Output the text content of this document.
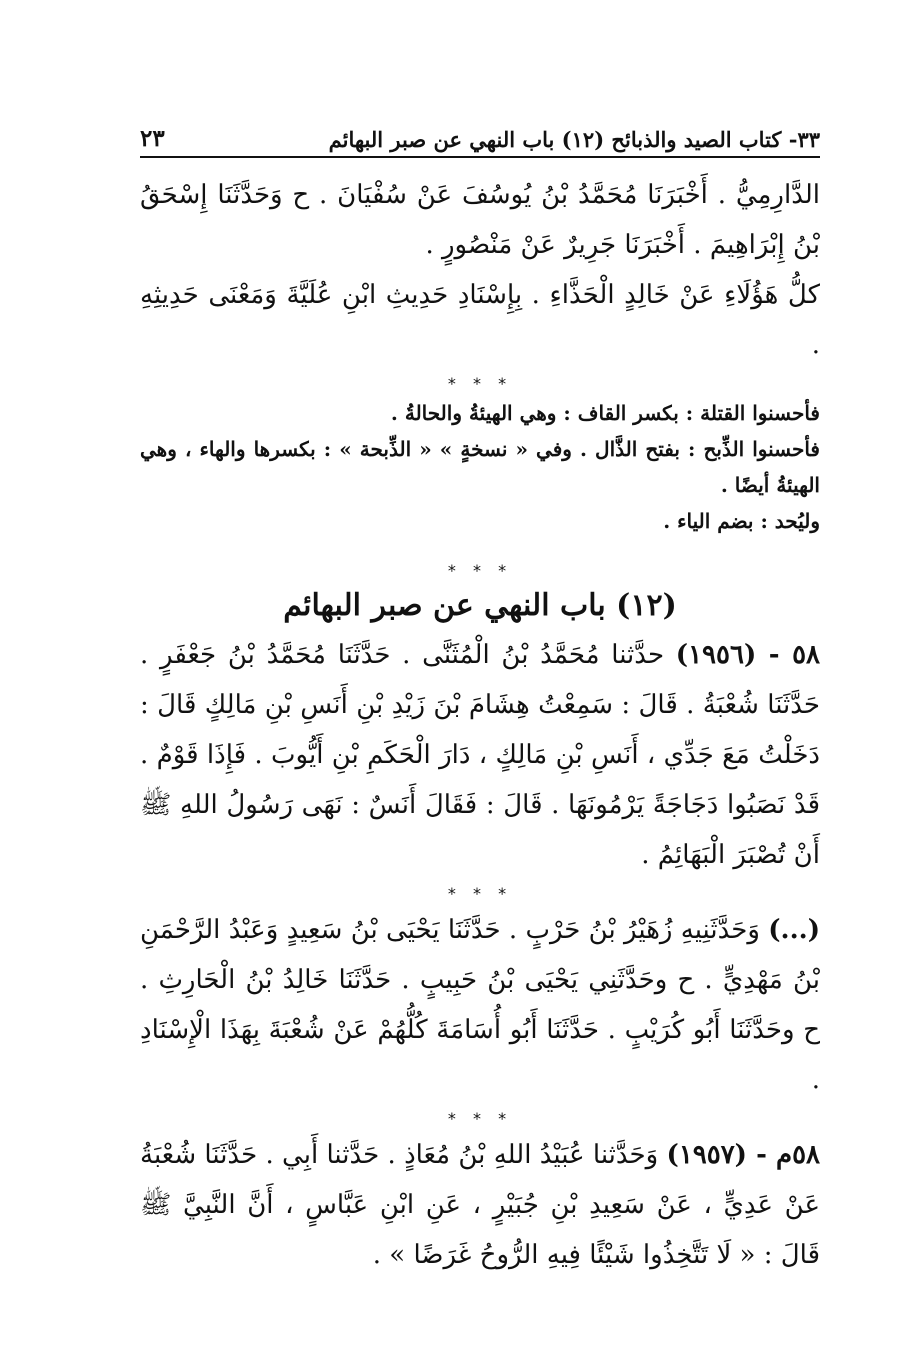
٣٣- كتاب الصيد والذبائح (١٢) باب النهي عن صبر البهائم
٢٣

الدَّارِمِيُّ . أَخْبَرَنَا مُحَمَّدُ بْنُ يُوسُفَ عَنْ سُفْيَانَ . ح وَحَدَّثَنَا إِسْحَقُ بْنُ إِبْرَاهِيمَ . أَخْبَرَنَا جَرِيرٌ عَنْ مَنْصُورٍ .

كلُّ هَؤُلَاءِ عَنْ خَالِدٍ الْحَذَّاءِ . بِإِسْنَادِ حَدِيثِ ابْنِ عُلَيَّةَ وَمَعْنَى حَدِيثِهِ .

* * *

فأحسنوا القتلة : بكسر القاف : وهي الهيئةُ والحالةُ .

فأحسنوا الذِّبح : بفتح الذَّال . وفي « نسخةٍ » « الذِّبحة » : بكسرها والهاء ، وهي الهيئةُ أيضًا .

وليُحد : بضم الياء .

* * *
(١٢) باب النهي عن صبر البهائم

٥٨ - (١٩٥٦) حدَّثنا مُحَمَّدُ بْنُ الْمُثَنَّى . حَدَّثَنَا مُحَمَّدُ بْنُ جَعْفَرٍ . حَدَّثَنَا شُعْبَةُ . قَالَ : سَمِعْتُ هِشَامَ بْنَ زَيْدِ بْنِ أَنَسِ بْنِ مَالِكٍ قَالَ : دَخَلْتُ مَعَ جَدِّي ، أَنَسِ بْنِ مَالِكٍ ، دَارَ الْحَكَمِ بْنِ أَيُّوبَ . فَإِذَا قَوْمٌ . قَدْ نَصَبُوا دَجَاجَةً يَرْمُونَهَا . قَالَ : فَقَالَ أَنَسٌ : نَهَى رَسُولُ اللهِ ﷺ أَنْ تُصْبَرَ الْبَهَائِمُ .

* * *

(...) وَحَدَّثَنِيهِ زُهَيْرُ بْنُ حَرْبٍ . حَدَّثَنَا يَحْيَى بْنُ سَعِيدٍ وَعَبْدُ الرَّحْمَنِ بْنُ مَهْدِيٍّ . ح وحَدَّثَنِي يَحْيَى بْنُ حَبِيبٍ . حَدَّثَنَا خَالِدُ بْنُ الْحَارِثِ . ح وحَدَّثَنَا أَبُو كُرَيْبٍ . حَدَّثَنَا أَبُو أُسَامَةَ كُلُّهُمْ عَنْ شُعْبَةَ بِهَذَا الْإِسْنَادِ .

* * *

٥٨م - (١٩٥٧) وَحَدَّثنا عُبَيْدُ اللهِ بْنُ مُعَاذٍ . حَدَّثنا أَبِي . حَدَّثَنَا شُعْبَةُ عَنْ عَدِيٍّ ، عَنْ سَعِيدِ بْنِ جُبَيْرٍ ، عَنِ ابْنِ عَبَّاسٍ ، أَنَّ النَّبِيَّ ﷺ قَالَ : « لَا تَتَّخِذُوا شَيْئًا فِيهِ الرُّوحُ غَرَضًا » .
